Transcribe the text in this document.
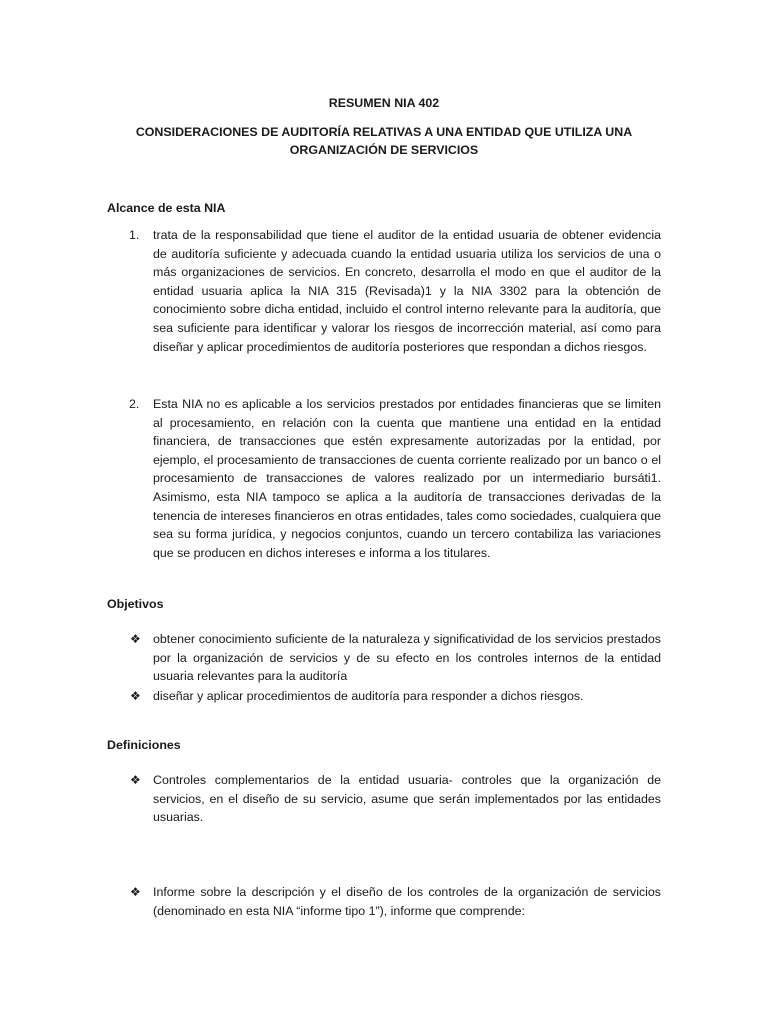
RESUMEN NIA 402

CONSIDERACIONES DE AUDITORÍA RELATIVAS A UNA ENTIDAD QUE UTILIZA UNA

ORGANIZACIÓN DE SERVICIOS

Alcance de esta NIA

1. trata de la responsabilidad que tiene el auditor de la entidad usuaria de obtener evidencia de auditoría suficiente y adecuada cuando la entidad usuaria utiliza los servicios de una o más organizaciones de servicios. En concreto, desarrolla el modo en que el auditor de la entidad usuaria aplica la NIA 315 (Revisada)1 y la NIA 3302 para la obtención de conocimiento sobre dicha entidad, incluido el control interno relevante para la auditoría, que sea suficiente para identificar y valorar los riesgos de incorrección material, así como para diseñar y aplicar procedimientos de auditoría posteriores que respondan a dichos riesgos.

2. Esta NIA no es aplicable a los servicios prestados por entidades financieras que se limiten al procesamiento, en relación con la cuenta que mantiene una entidad en la entidad financiera, de transacciones que estén expresamente autorizadas por la entidad, por ejemplo, el procesamiento de transacciones de cuenta corriente realizado por un banco o el procesamiento de transacciones de valores realizado por un intermediario bursáti1. Asimismo, esta NIA tampoco se aplica a la auditoría de transacciones derivadas de la tenencia de intereses financieros en otras entidades, tales como sociedades, cualquiera que sea su forma jurídica, y negocios conjuntos, cuando un tercero contabiliza las variaciones que se producen en dichos intereses e informa a los titulares.

Objetivos

❖ obtener conocimiento suficiente de la naturaleza y significatividad de los servicios prestados por la organización de servicios y de su efecto en los controles internos de la entidad usuaria relevantes para la auditoría

❖ diseñar y aplicar procedimientos de auditoría para responder a dichos riesgos.

Definiciones

❖ Controles complementarios de la entidad usuaria- controles que la organización de servicios, en el diseño de su servicio, asume que serán implementados por las entidades usuarias.

❖ Informe sobre la descripción y el diseño de los controles de la organización de servicios (denominado en esta NIA “informe tipo 1”), informe que comprende:
